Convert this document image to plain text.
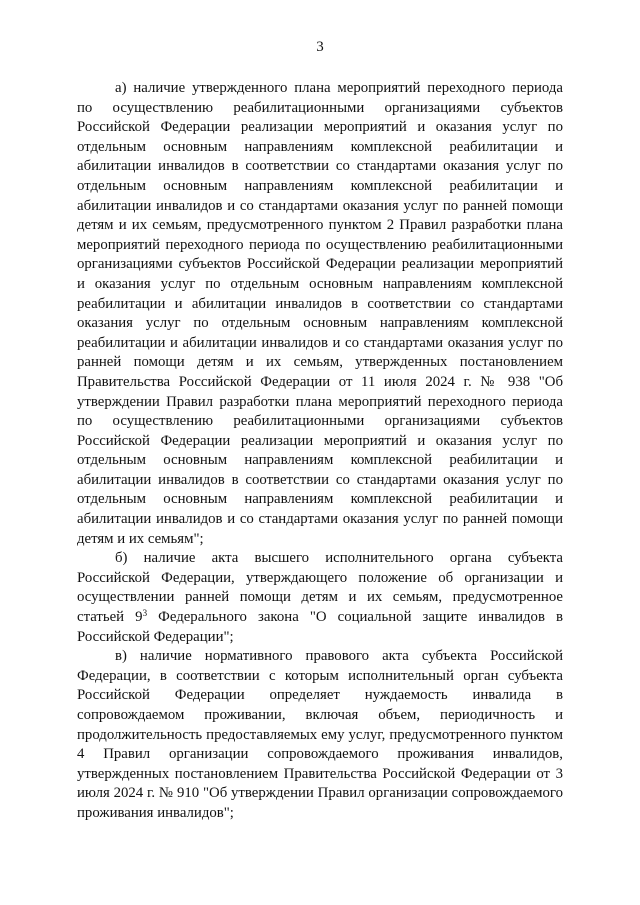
3

а) наличие утвержденного плана мероприятий переходного периода по осуществлению реабилитационными организациями субъектов Российской Федерации реализации мероприятий и оказания услуг по отдельным основным направлениям комплексной реабилитации и абилитации инвалидов в соответствии со стандартами оказания услуг по отдельным основным направлениям комплексной реабилитации и абилитации инвалидов и со стандартами оказания услуг по ранней помощи детям и их семьям, предусмотренного пунктом 2 Правил разработки плана мероприятий переходного периода по осуществлению реабилитационными организациями субъектов Российской Федерации реализации мероприятий и оказания услуг по отдельным основным направлениям комплексной реабилитации и абилитации инвалидов в соответствии со стандартами оказания услуг по отдельным основным направлениям комплексной реабилитации и абилитации инвалидов и со стандартами оказания услуг по ранней помощи детям и их семьям, утвержденных постановлением Правительства Российской Федерации от 11 июля 2024 г. № 938 "Об утверждении Правил разработки плана мероприятий переходного периода по осуществлению реабилитационными организациями субъектов Российской Федерации реализации мероприятий и оказания услуг по отдельным основным направлениям комплексной реабилитации и абилитации инвалидов в соответствии со стандартами оказания услуг по отдельным основным направлениям комплексной реабилитации и абилитации инвалидов и со стандартами оказания услуг по ранней помощи детям и их семьям";

б) наличие акта высшего исполнительного органа субъекта Российской Федерации, утверждающего положение об организации и осуществлении ранней помощи детям и их семьям, предусмотренное статьей $9^3$ Федерального закона "О социальной защите инвалидов в Российской Федерации";

в) наличие нормативного правового акта субъекта Российской Федерации, в соответствии с которым исполнительный орган субъекта Российской Федерации определяет нуждаемость инвалида в сопровождаемом проживании, включая объем, периодичность и продолжительность предоставляемых ему услуг, предусмотренного пунктом 4 Правил организации сопровождаемого проживания инвалидов, утвержденных постановлением Правительства Российской Федерации от 3 июля 2024 г. № 910 "Об утверждении Правил организации сопровождаемого проживания инвалидов";
